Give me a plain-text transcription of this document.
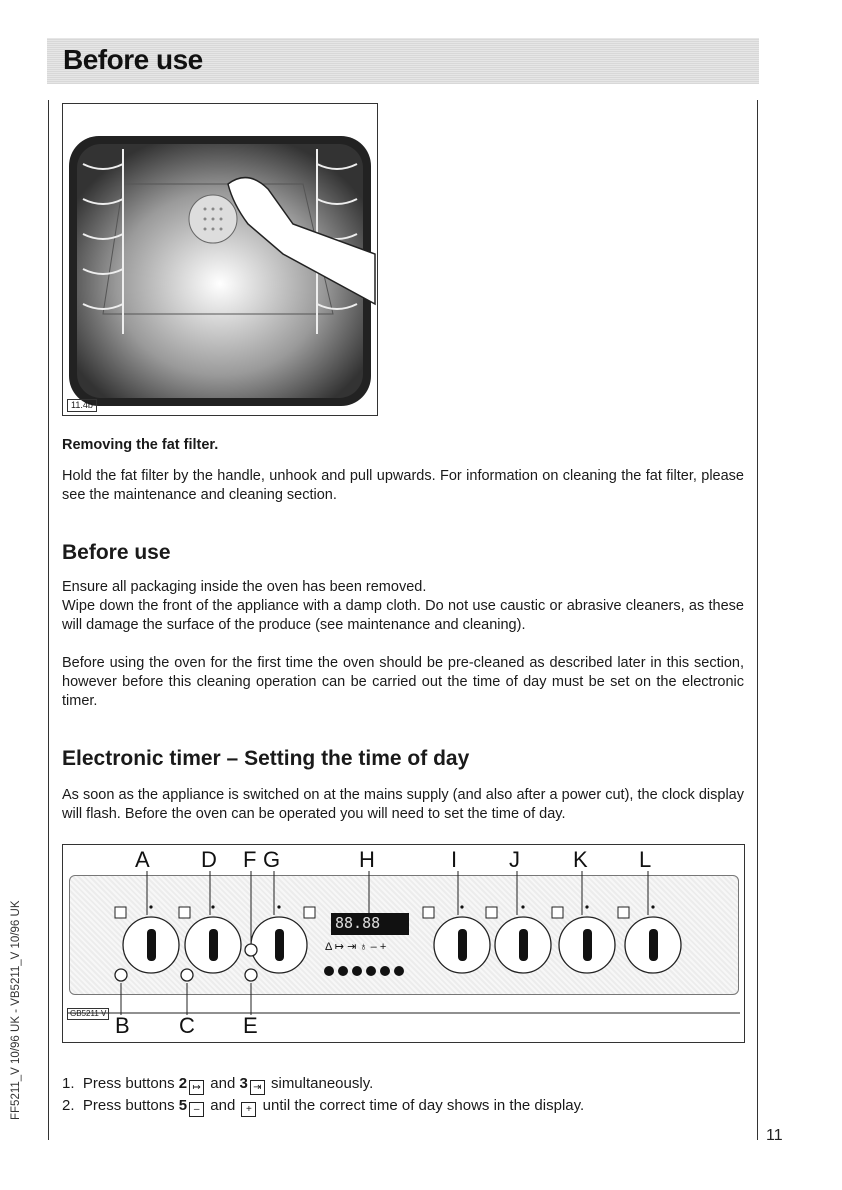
Before use
11.4b
Removing the fat filter.
Hold the fat filter by the handle, unhook and pull upwards. For information on cleaning the fat filter, please see the maintenance and cleaning section.
Before use
Ensure all packaging inside the oven has been removed.
Wipe down the front of the appliance with a damp cloth. Do not use caustic or abrasive cleaners, as these will damage the surface of the produce (see maintenance and cleaning).
Before using the oven for the first time the oven should be pre-cleaned as described later in this section, however before this cleaning operation can be carried out the time of day must be set on the electronic timer.
Electronic timer – Setting the time of day
As soon as the appliance is switched on at the mains supply (and also after a power cut), the clock display will flash. Before the oven can be operated you will need to set the time of day.
A D F G	H	I J K L
88.88
Δ ↦ ⇥ ♁ – +
GB5211 V B C E
1. Press buttons 2 ↦ and 3 ⇥ simultaneously.
2. Press buttons 5 – and + until the correct time of day shows in the display.
FF5211_V 10/96 UK - VB5211_V 10/96 UK
11
